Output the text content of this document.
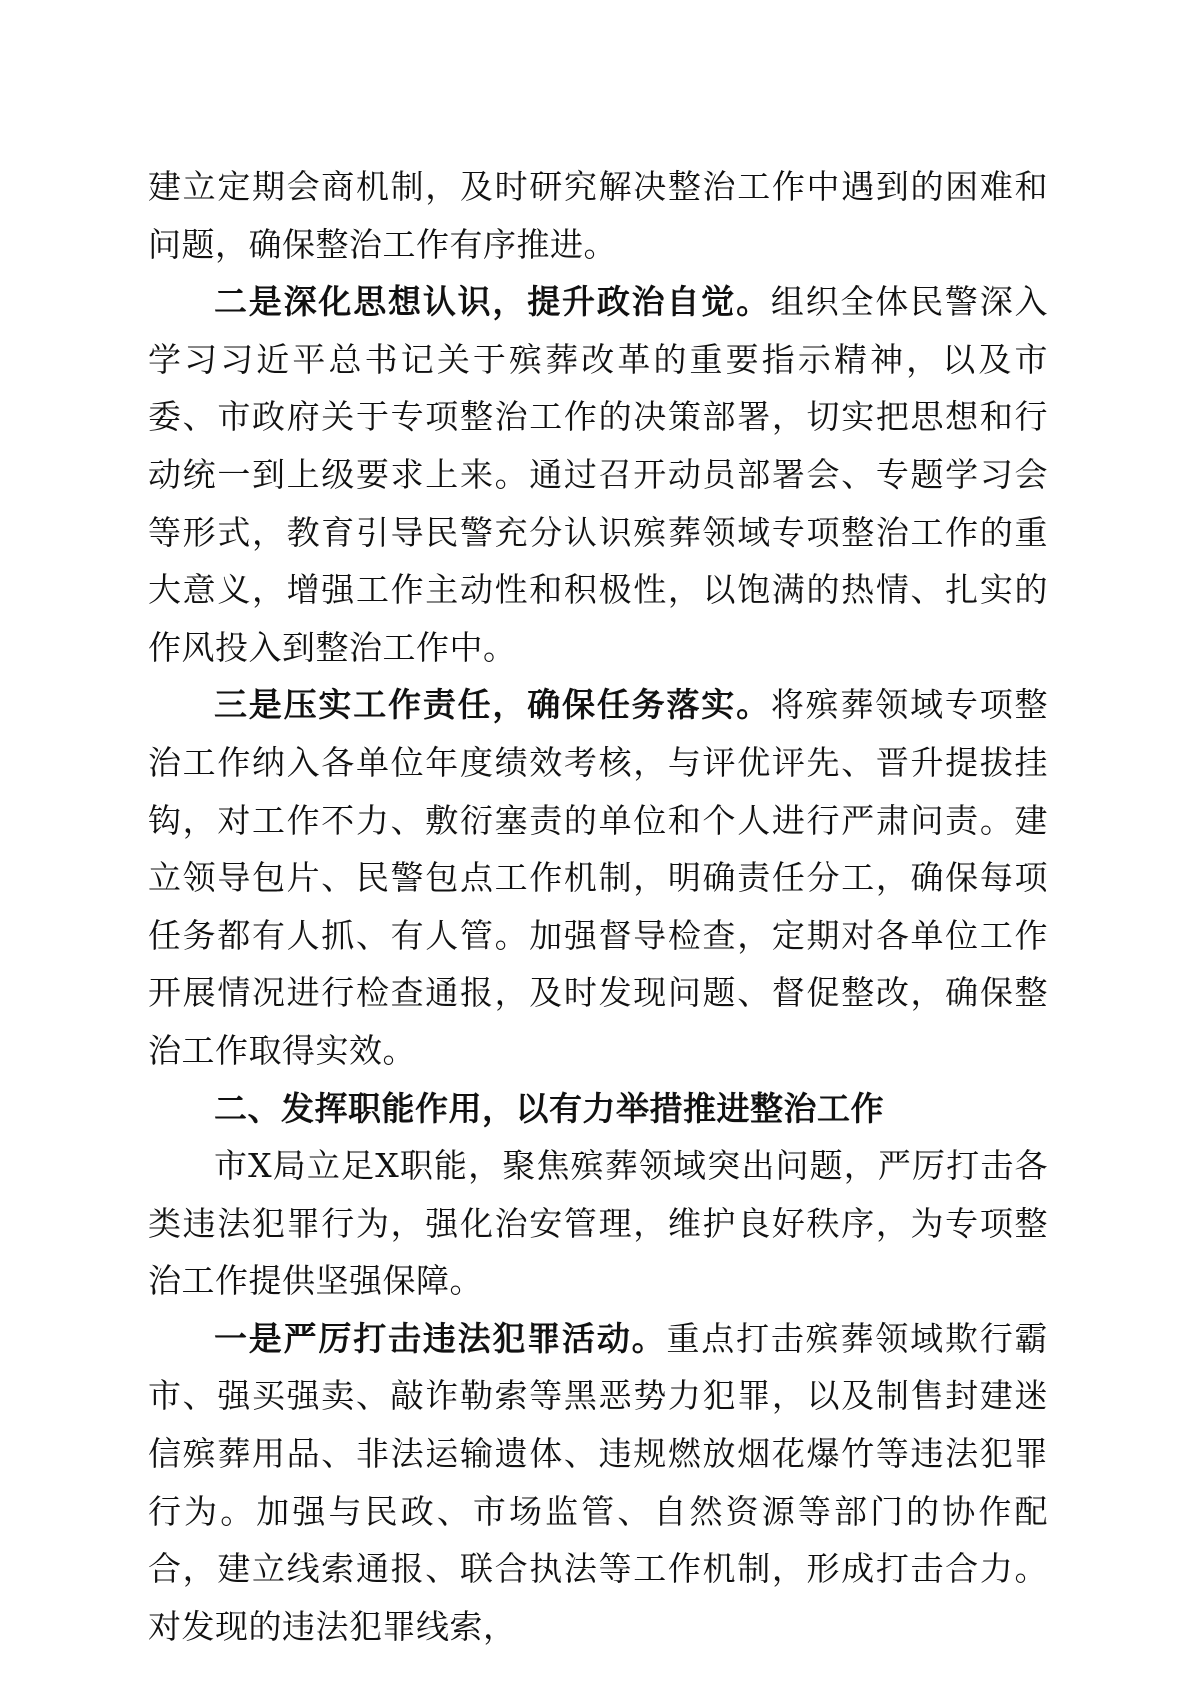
建立定期会商机制，及时研究解决整治工作中遇到的困难和问题，确保整治工作有序推进。

二是深化思想认识，提升政治自觉。组织全体民警深入学习习近平总书记关于殡葬改革的重要指示精神，以及市委、市政府关于专项整治工作的决策部署，切实把思想和行动统一到上级要求上来。通过召开动员部署会、专题学习会等形式，教育引导民警充分认识殡葬领域专项整治工作的重大意义，增强工作主动性和积极性，以饱满的热情、扎实的作风投入到整治工作中。

三是压实工作责任，确保任务落实。将殡葬领域专项整治工作纳入各单位年度绩效考核，与评优评先、晋升提拔挂钩，对工作不力、敷衍塞责的单位和个人进行严肃问责。建立领导包片、民警包点工作机制，明确责任分工，确保每项任务都有人抓、有人管。加强督导检查，定期对各单位工作开展情况进行检查通报，及时发现问题、督促整改，确保整治工作取得实效。

二、发挥职能作用，以有力举措推进整治工作

市X局立足X职能，聚焦殡葬领域突出问题，严厉打击各类违法犯罪行为，强化治安管理，维护良好秩序，为专项整治工作提供坚强保障。

一是严厉打击违法犯罪活动。重点打击殡葬领域欺行霸市、强买强卖、敲诈勒索等黑恶势力犯罪，以及制售封建迷信殡葬用品、非法运输遗体、违规燃放烟花爆竹等违法犯罪行为。加强与民政、市场监管、自然资源等部门的协作配合，建立线索通报、联合执法等工作机制，形成打击合力。对发现的违法犯罪线索，
